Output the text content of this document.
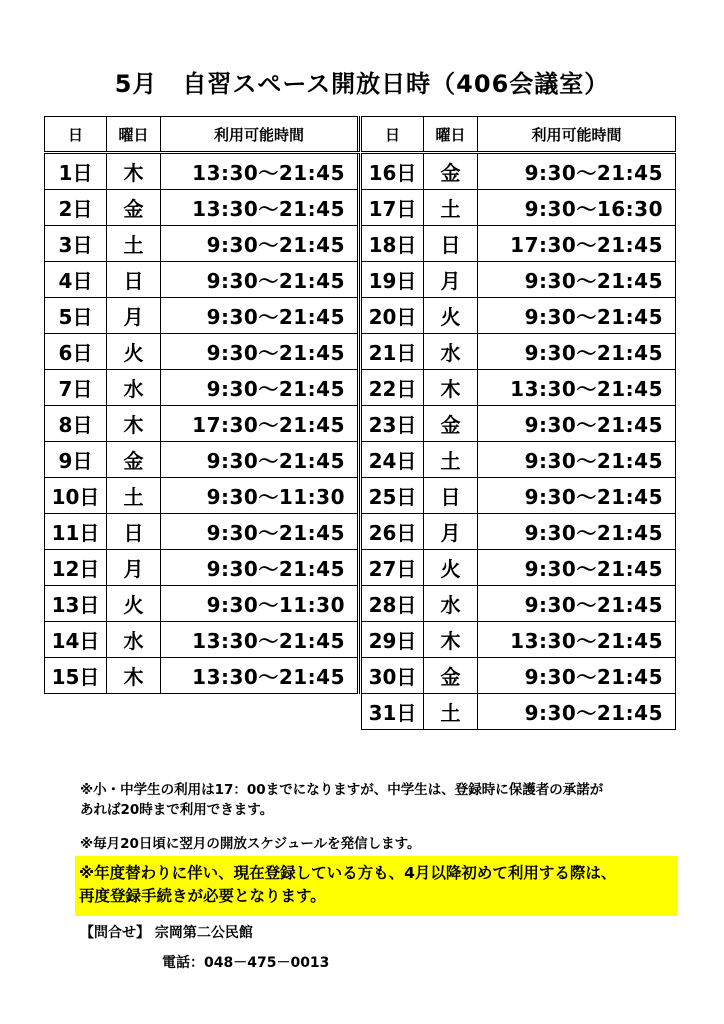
5月　自習スペース開放日時（406会議室）
日	曜日	利用可能時間
1日	木	13:30～21:45
2日	金	13:30～21:45
3日	土	9:30～21:45
4日	日	9:30～21:45
5日	月	9:30～21:45
6日	火	9:30～21:45
7日	水	9:30～21:45
8日	木	17:30～21:45
9日	金	9:30～21:45
10日	土	9:30～11:30
11日	日	9:30～21:45
12日	月	9:30～21:45
13日	火	9:30～11:30
14日	水	13:30～21:45
15日	木	13:30～21:45
日	曜日	利用可能時間
16日	金	9:30～21:45
17日	土	9:30～16:30
18日	日	17:30～21:45
19日	月	9:30～21:45
20日	火	9:30～21:45
21日	水	9:30～21:45
22日	木	13:30～21:45
23日	金	9:30～21:45
24日	土	9:30～21:45
25日	日	9:30～21:45
26日	月	9:30～21:45
27日	火	9:30～21:45
28日	水	9:30～21:45
29日	木	13:30～21:45
30日	金	9:30～21:45
31日	土	9:30～21:45
※小・中学生の利用は17：00までになりますが、中学生は、登録時に保護者の承諾が
あれば20時まで利用できます。
※毎月20日頃に翌月の開放スケジュールを発信します。

※年度替わりに伴い、現在登録している方も、4月以降初めて利用する際は、

再度登録手続きが必要となります。

【問合せ】 宗岡第二公民館
電話：048－475－0013
